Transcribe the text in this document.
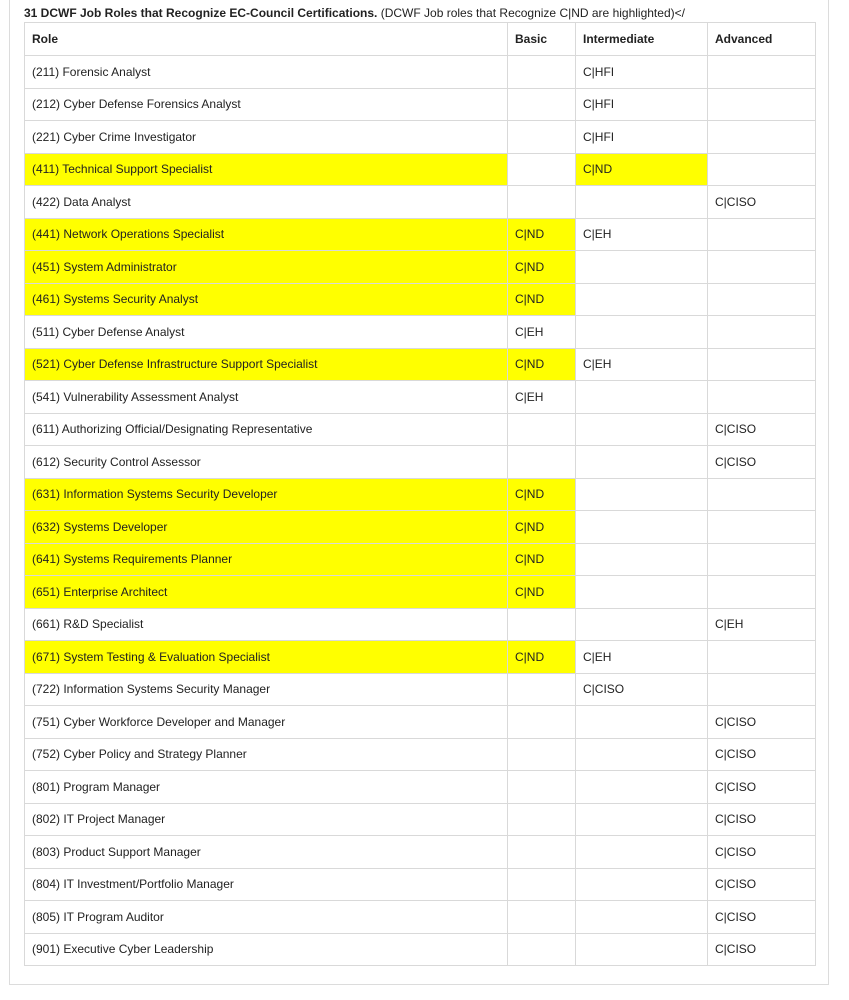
31 DCWF Job Roles that Recognize EC-Council Certifications. (DCWF Job roles that Recognize C|ND are highlighted)</
Role	Basic	Intermediate	Advanced
(211) Forensic Analyst		C|HFI	
(212) Cyber Defense Forensics Analyst		C|HFI	
(221) Cyber Crime Investigator		C|HFI	
(411) Technical Support Specialist		C|ND	
(422) Data Analyst			C|CISO
(441) Network Operations Specialist	C|ND	C|EH	
(451) System Administrator	C|ND		
(461) Systems Security Analyst	C|ND		
(511) Cyber Defense Analyst	C|EH		
(521) Cyber Defense Infrastructure Support Specialist	C|ND	C|EH	
(541) Vulnerability Assessment Analyst	C|EH		
(611) Authorizing Official/Designating Representative			C|CISO
(612) Security Control Assessor			C|CISO
(631) Information Systems Security Developer	C|ND		
(632) Systems Developer	C|ND		
(641) Systems Requirements Planner	C|ND		
(651) Enterprise Architect	C|ND		
(661) R&D Specialist			C|EH
(671) System Testing & Evaluation Specialist	C|ND	C|EH	
(722) Information Systems Security Manager		C|CISO	
(751) Cyber Workforce Developer and Manager			C|CISO
(752) Cyber Policy and Strategy Planner			C|CISO
(801) Program Manager			C|CISO
(802) IT Project Manager			C|CISO
(803) Product Support Manager			C|CISO
(804) IT Investment/Portfolio Manager			C|CISO
(805) IT Program Auditor			C|CISO
(901) Executive Cyber Leadership			C|CISO
